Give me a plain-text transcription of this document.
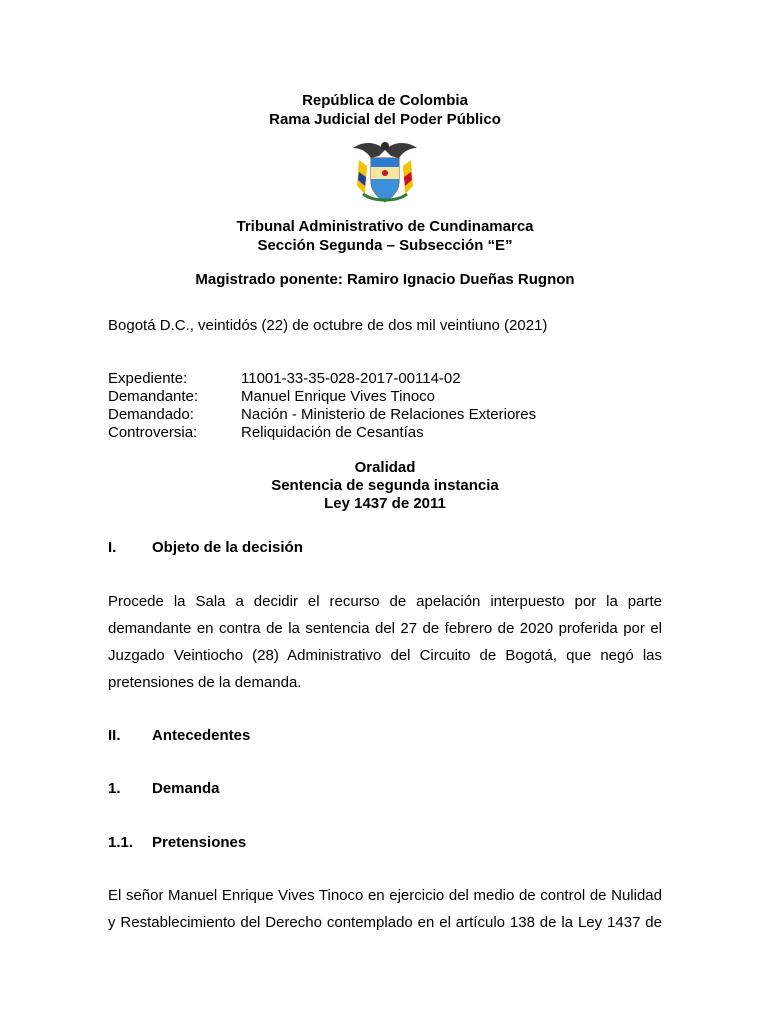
República de Colombia
Rama Judicial del Poder Público
Tribunal Administrativo de Cundinamarca
Sección Segunda – Subsección “E”
Magistrado ponente: Ramiro Ignacio Dueñas Rugnon
Bogotá D.C., veintidós (22) de octubre de dos mil veintiuno (2021)
Expediente:	11001-33-35-028-2017-00114-02
Demandante:	Manuel Enrique Vives Tinoco
Demandado:	Nación - Ministerio de Relaciones Exteriores
Controversia:	Reliquidación de Cesantías
Oralidad
Sentencia de segunda instancia
Ley 1437 de 2011
I. Objeto de la decisión
Procede la Sala a decidir el recurso de apelación interpuesto por la parte
demandante en contra de la sentencia del 27 de febrero de 2020 proferida por el
Juzgado Veintiocho (28) Administrativo del Circuito de Bogotá, que negó las
pretensiones de la demanda.
II. Antecedentes
1. Demanda
1.1. Pretensiones
El señor Manuel Enrique Vives Tinoco en ejercicio del medio de control de Nulidad
y Restablecimiento del Derecho contemplado en el artículo 138 de la Ley 1437 de
